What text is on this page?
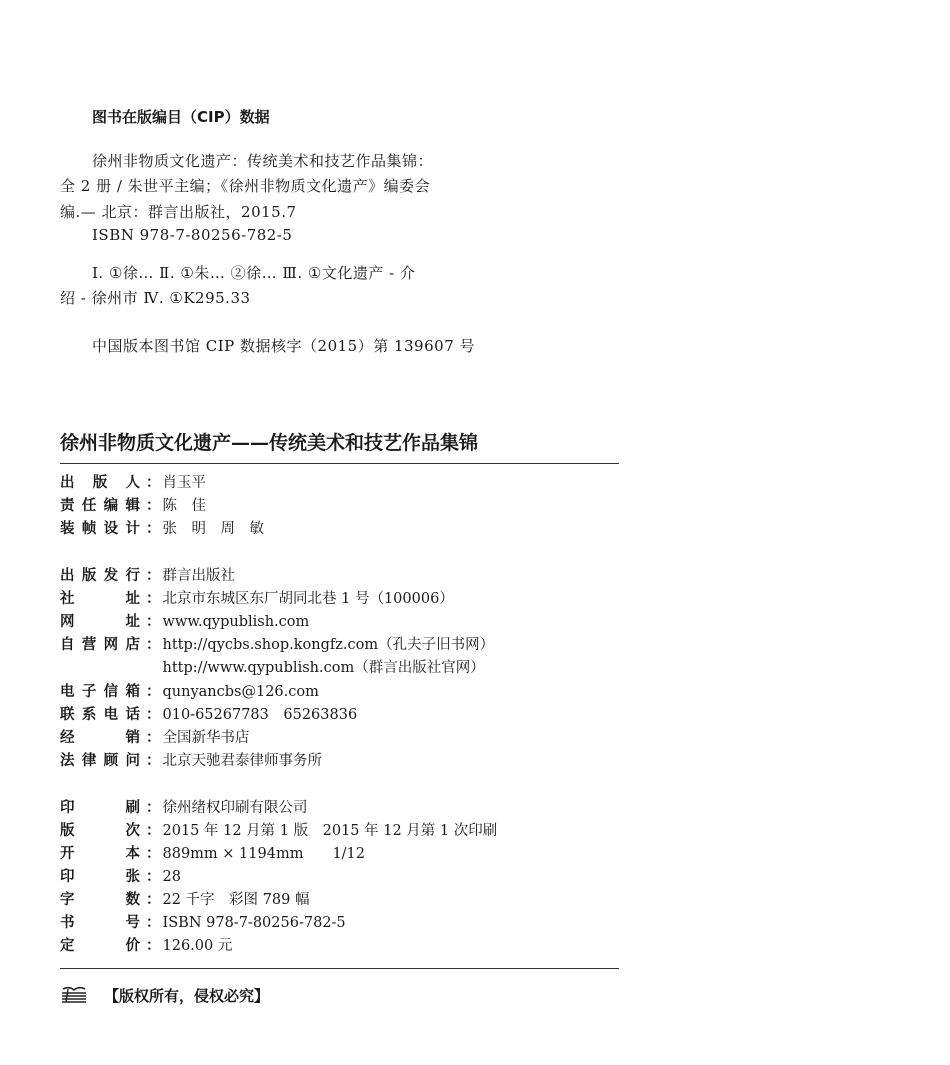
图书在版编目（CIP）数据
徐州非物质文化遗产：传统美术和技艺作品集锦：
全 2 册 / 朱世平主编；《徐州非物质文化遗产》编委会
编.— 北京：群言出版社，2015.7
ISBN 978-7-80256-782-5
Ⅰ. ①徐… Ⅱ. ①朱… ②徐… Ⅲ. ①文化遗产 - 介
绍 - 徐州市 Ⅳ. ①K295.33
中国版本图书馆 CIP 数据核字（2015）第 139607 号
徐州非物质文化遗产——传统美术和技艺作品集锦
出 版 人 ： 肖玉平
责任编辑 ： 陈　佳
装帧设计 ： 张　明　周　敏
出版发行 ： 群言出版社
社　　址 ： 北京市东城区东厂胡同北巷 1 号（100006）
网　　址 ： www.qypublish.com
自营网店 ： http://qycbs.shop.kongfz.com（孔夫子旧书网）
http://www.qypublish.com（群言出版社官网）
电子信箱 ： qunyancbs@126.com
联系电话 ： 010-65267783　65263836
经　　销 ： 全国新华书店
法律顾问 ： 北京天驰君泰律师事务所
印　　刷 ： 徐州绪权印刷有限公司
版　　次 ： 2015 年 12 月第 1 版　2015 年 12 月第 1 次印刷
开　　本 ： 889mm × 1194mm　　1/12
印　　张 ： 28
字　　数 ： 22 千字　彩图 789 幅
书　　号 ： ISBN 978-7-80256-782-5
定　　价 ： 126.00 元
【版权所有，侵权必究】
